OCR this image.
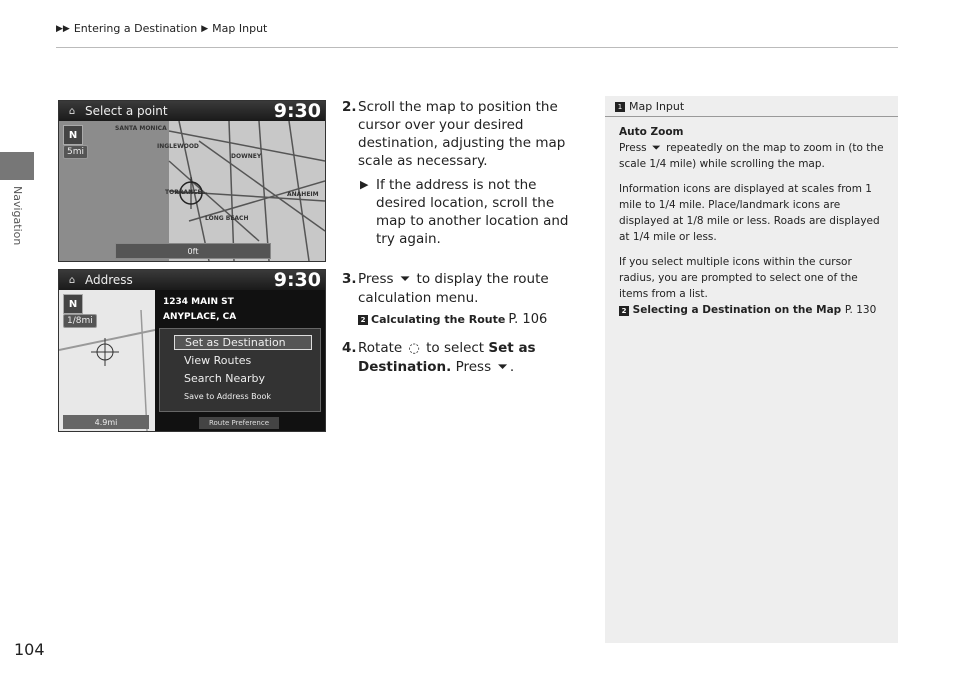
▶▶ Entering a Destination ▶ Map Input
Navigation
SANTA MONICA
INGLEWOOD
DOWNEY
TORRANCE
LONG BEACH
ANAHEIM
⌂ Select a point	9:30
N
5mi
0ft
⌂ Address	9:30
N
1/8mi
1234 MAIN ST
ANYPLACE, CA
Set as Destination
View Routes
Search Nearby
Save to Address Book
Route Preference
4.9mi
2. Scroll the map to position the cursor over your desired destination, adjusting the map scale as necessary.
▶ If the address is not the desired location, scroll the map to another location and try again.
3. Press ⏷ to display the route calculation menu.
2 Calculating the Route P. 106
4. Rotate ◌ to select Set as Destination. Press ⏷ .
1 Map Input
Auto Zoom

Press ⏷ repeatedly on the map to zoom in (to the scale 1/4 mile) while scrolling the map.

Information icons are displayed at scales from 1 mile to 1/4 mile. Place/landmark icons are displayed at 1/8 mile or less. Roads are displayed at 1/4 mile or less.

If you select multiple icons within the cursor radius, you are prompted to select one of the items from a list.

2 Selecting a Destination on the Map P. 130
104
